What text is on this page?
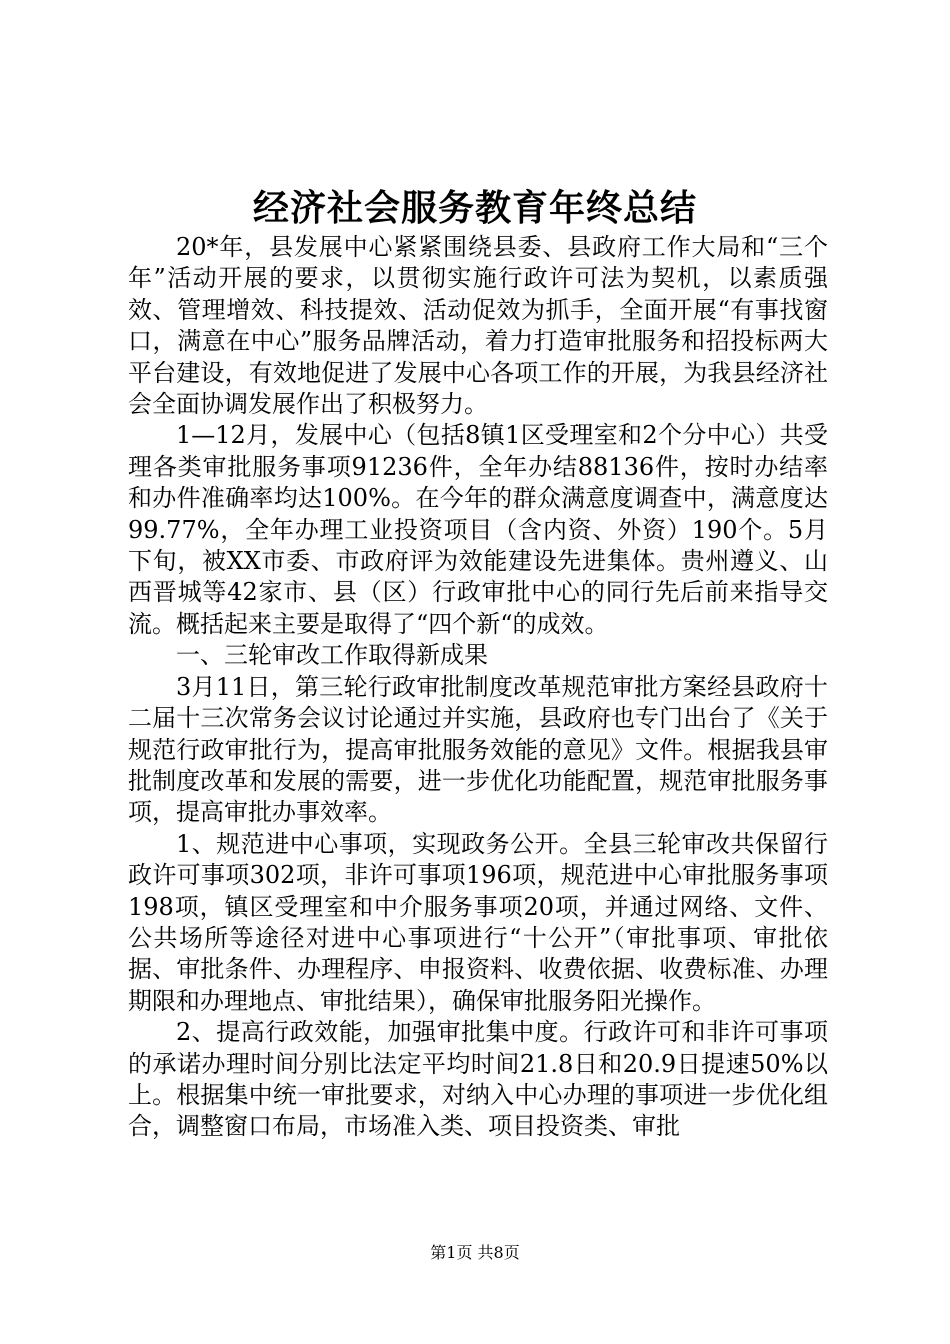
经济社会服务教育年终总结

20*年，县发展中心紧紧围绕县委、县政府工作大局和“三个年”活动开展的要求，以贯彻实施行政许可法为契机，以素质强效、管理增效、科技提效、活动促效为抓手，全面开展“有事找窗口，满意在中心”服务品牌活动，着力打造审批服务和招投标两大平台建设，有效地促进了发展中心各项工作的开展，为我县经济社会全面协调发展作出了积极努力。

1—12月，发展中心（包括8镇1区受理室和2个分中心）共受理各类审批服务事项91236件，全年办结88136件，按时办结率和办件准确率均达100%。在今年的群众满意度调查中，满意度达99.77%，全年办理工业投资项目（含内资、外资）190个。5月下旬，被XX市委、市政府评为效能建设先进集体。贵州遵义、山西晋城等42家市、县（区）行政审批中心的同行先后前来指导交流。概括起来主要是取得了“四个新“的成效。

一、三轮审改工作取得新成果

3月11日，第三轮行政审批制度改革规范审批方案经县政府十二届十三次常务会议讨论通过并实施，县政府也专门出台了《关于规范行政审批行为，提高审批服务效能的意见》文件。根据我县审批制度改革和发展的需要，进一步优化功能配置，规范审批服务事项，提高审批办事效率。

1、规范进中心事项，实现政务公开。全县三轮审改共保留行政许可事项302项，非许可事项196项，规范进中心审批服务事项198项，镇区受理室和中介服务事项20项，并通过网络、文件、公共场所等途径对进中心事项进行“十公开”（审批事项、审批依据、审批条件、办理程序、申报资料、收费依据、收费标准、办理期限和办理地点、审批结果），确保审批服务阳光操作。

2、提高行政效能，加强审批集中度。行政许可和非许可事项的承诺办理时间分别比法定平均时间21.8日和20.9日提速50%以上。根据集中统一审批要求，对纳入中心办理的事项进一步优化组合，调整窗口布局，市场准入类、项目投资类、审批

第1页 共8页
